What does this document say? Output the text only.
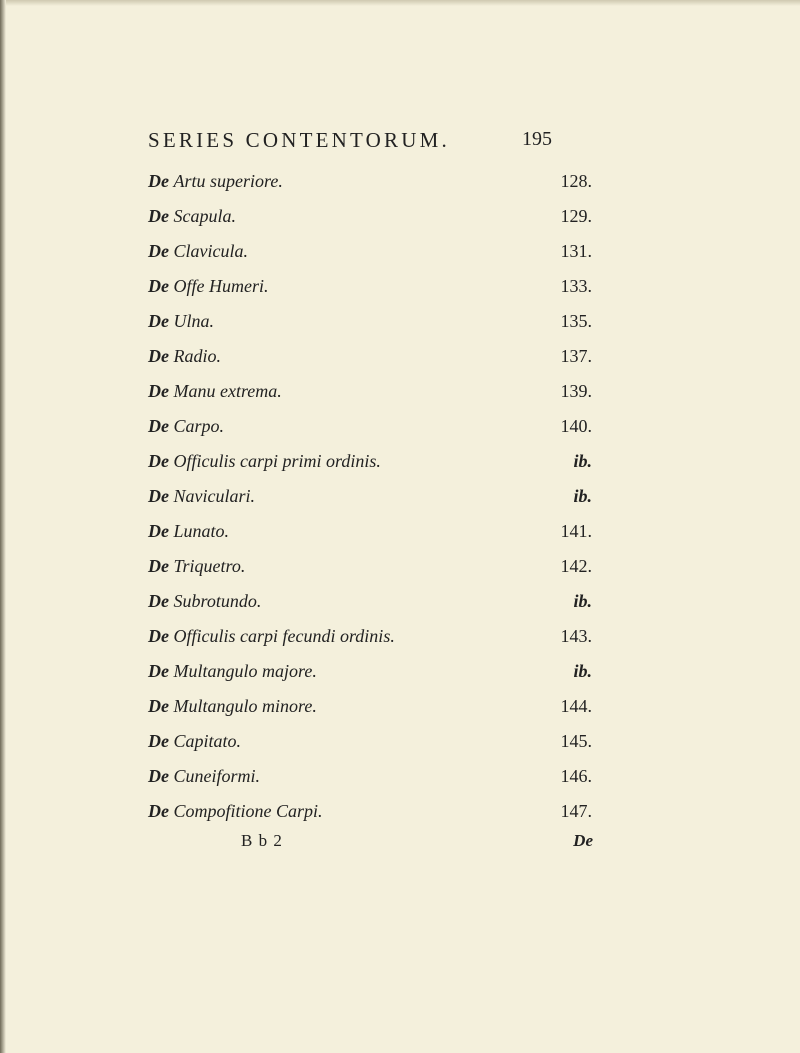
SERIES CONTENTORUM.	195
De Artu superiore.	128.
De Scapula.	129.
De Clavicula.	131.
De Offe Humeri.	133.
De Ulna.	135.
De Radio.	137.
De Manu extrema.	139.
De Carpo.	140.
De Officulis carpi primi ordinis.	ib.
De Naviculari.	ib.
De Lunato.	141.
De Triquetro.	142.
De Subrotundo.	ib.
De Officulis carpi fecundi ordinis.	143.
De Multangulo majore.	ib.
De Multangulo minore.	144.
De Capitato.	145.
De Cuneiformi.	146.
De Compofitione Carpi.	147.
B b 2	De
